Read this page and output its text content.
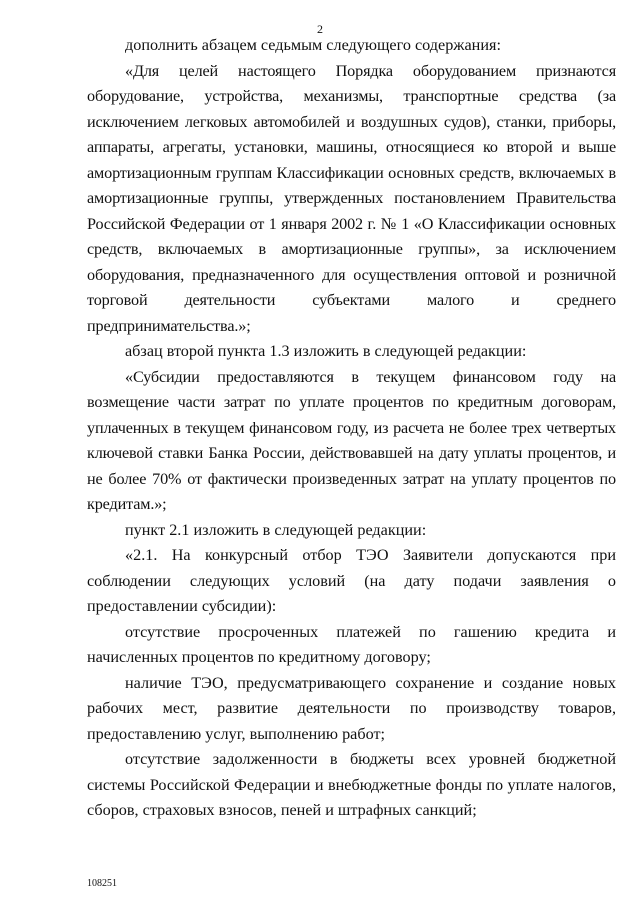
2

дополнить абзацем седьмым следующего содержания:

«Для целей настоящего Порядка оборудованием признаются оборудование, устройства, механизмы, транспортные средства (за исключением легковых автомобилей и воздушных судов), станки, приборы, аппараты, агрегаты, установки, машины, относящиеся ко второй и выше амортизационным группам Классификации основных средств, включаемых в амортизационные группы, утвержденных постановлением Правительства Российской Федерации от 1 января 2002 г. № 1 «О Классификации основных средств, включаемых в амортизационные группы», за исключением оборудования, предназначенного для осуществления оптовой и розничной торговой деятельности субъектами малого и среднего предпринимательства.»;

абзац второй пункта 1.3 изложить в следующей редакции:

«Субсидии предоставляются в текущем финансовом году на возмещение части затрат по уплате процентов по кредитным договорам, уплаченных в текущем финансовом году, из расчета не более трех четвертых ключевой ставки Банка России, действовавшей на дату уплаты процентов, и не более 70% от фактически произведенных затрат на уплату процентов по кредитам.»;

пункт 2.1 изложить в следующей редакции:

«2.1. На конкурсный отбор ТЭО Заявители допускаются при соблюдении следующих условий (на дату подачи заявления о предоставлении субсидии):

отсутствие просроченных платежей по гашению кредита и начисленных процентов по кредитному договору;

наличие ТЭО, предусматривающего сохранение и создание новых рабочих мест, развитие деятельности по производству товаров, предоставлению услуг, выполнению работ;

отсутствие задолженности в бюджеты всех уровней бюджетной системы Российской Федерации и внебюджетные фонды по уплате налогов, сборов, страховых взносов, пеней и штрафных санкций;

108251
